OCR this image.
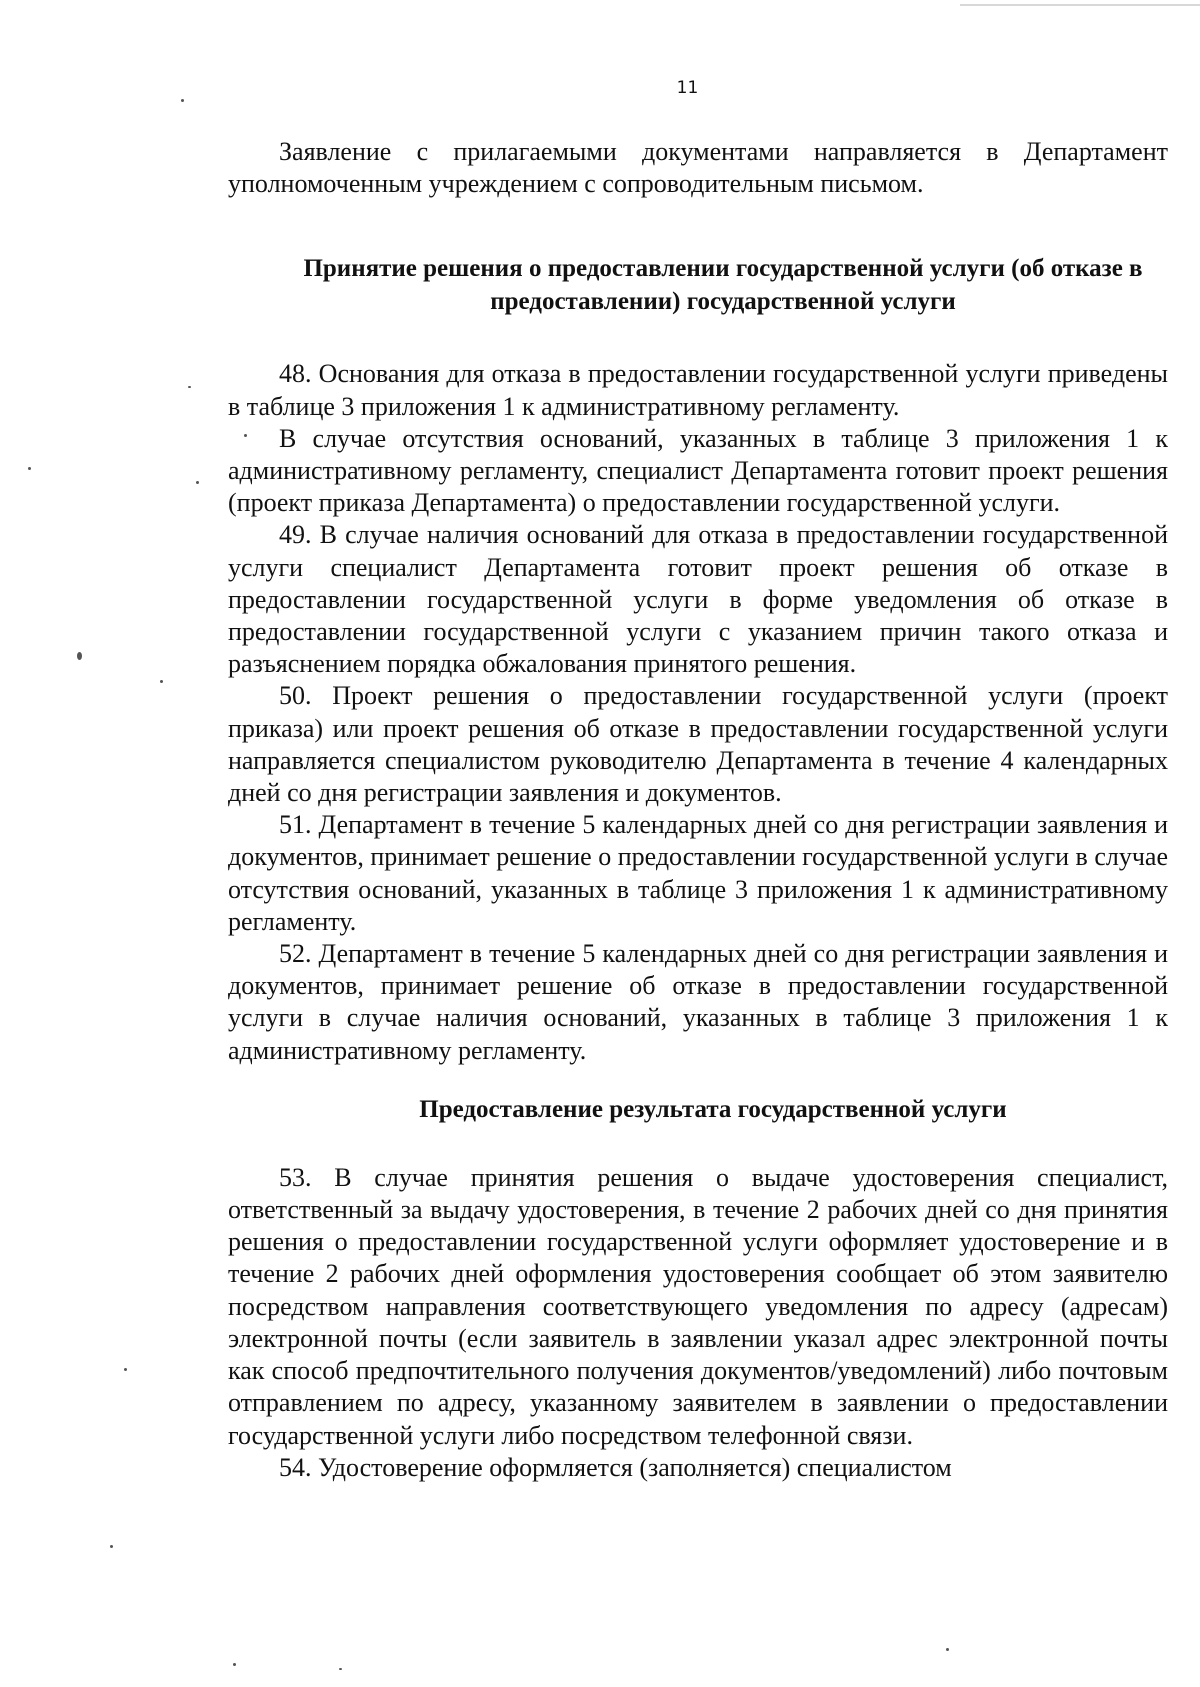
11

Заявление с прилагаемыми документами направляется в Департамент уполномоченным учреждением с сопроводительным письмом.

Принятие решения о предоставлении государственной услуги (об отказе в предоставлении) государственной услуги

48. Основания для отказа в предоставлении государственной услуги приведены в таблице 3 приложения 1 к административному регламенту.

В случае отсутствия оснований, указанных в таблице 3 приложения 1 к административному регламенту, специалист Департамента готовит проект решения (проект приказа Департамента) о предоставлении государственной услуги.

49. В случае наличия оснований для отказа в предоставлении государственной услуги специалист Департамента готовит проект решения об отказе в предоставлении государственной услуги в форме уведомления об отказе в предоставлении государственной услуги с указанием причин такого отказа и разъяснением порядка обжалования принятого решения.

50. Проект решения о предоставлении государственной услуги (проект приказа) или проект решения об отказе в предоставлении государственной услуги направляется специалистом руководителю Департамента в течение 4 календарных дней со дня регистрации заявления и документов.

51. Департамент в течение 5 календарных дней со дня регистрации заявления и документов, принимает решение о предоставлении государственной услуги в случае отсутствия оснований, указанных в таблице 3 приложения 1 к административному регламенту.

52. Департамент в течение 5 календарных дней со дня регистрации заявления и документов, принимает решение об отказе в предоставлении государственной услуги в случае наличия оснований, указанных в таблице 3 приложения 1 к административному регламенту.

Предоставление результата государственной услуги

53. В случае принятия решения о выдаче удостоверения специалист, ответственный за выдачу удостоверения, в течение 2 рабочих дней со дня принятия решения о предоставлении государственной услуги оформляет удостоверение и в течение 2 рабочих дней оформления удостоверения сообщает об этом заявителю посредством направления соответствующего уведомления по адресу (адресам) электронной почты (если заявитель в заявлении указал адрес электронной почты как способ предпочтительного получения документов/уведомлений) либо почтовым отправлением по адресу, указанному заявителем в заявлении о предоставлении государственной услуги либо посредством телефонной связи.

54. Удостоверение оформляется (заполняется) специалистом
